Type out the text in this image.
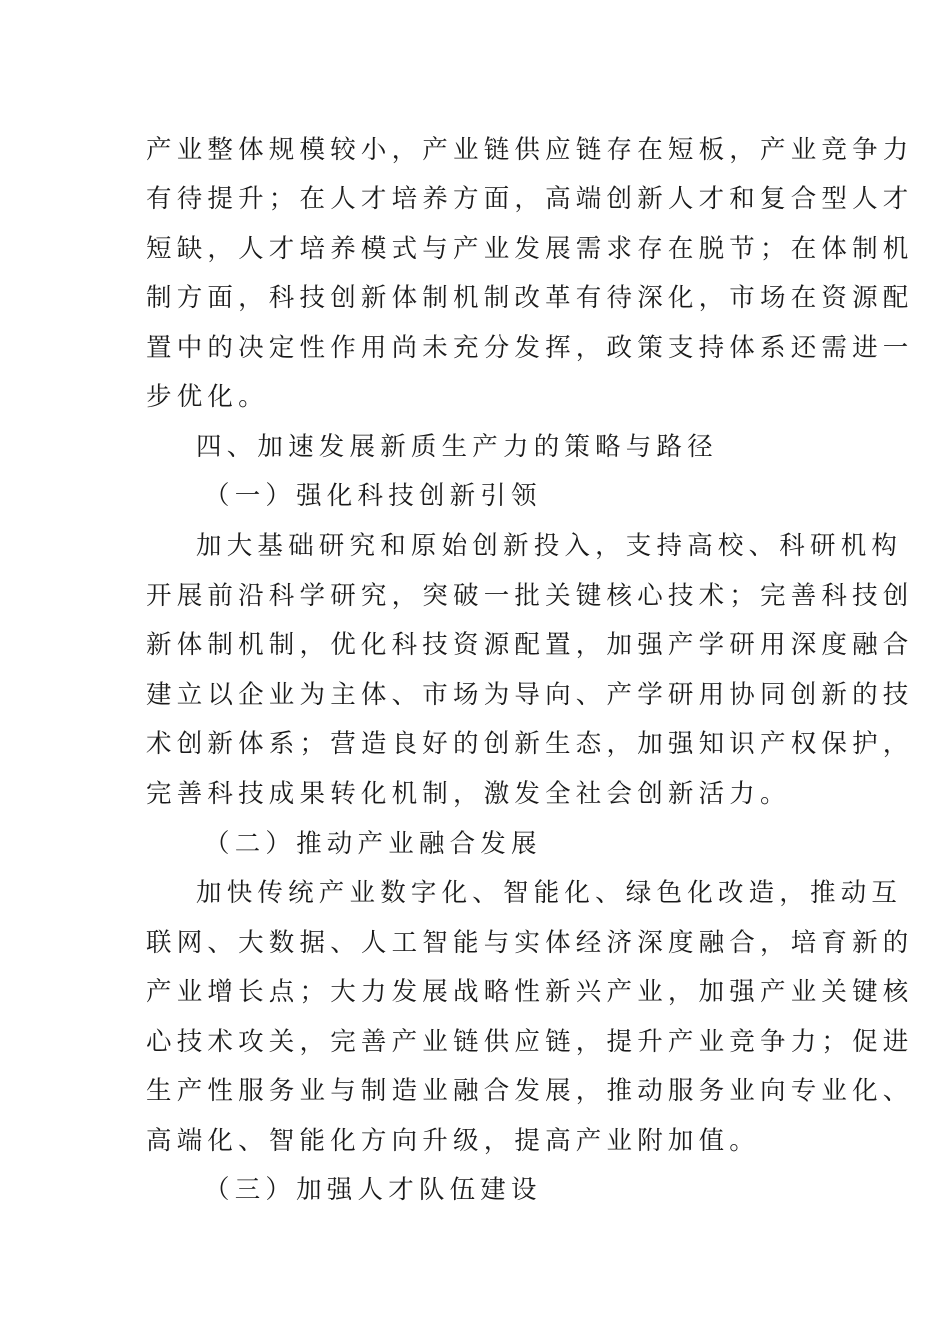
产业整体规模较小，产业链供应链存在短板，产业竞争力
有待提升；在人才培养方面，高端创新人才和复合型人才
短缺，人才培养模式与产业发展需求存在脱节；在体制机
制方面，科技创新体制机制改革有待深化，市场在资源配
置中的决定性作用尚未充分发挥，政策支持体系还需进一
步优化。
四、加速发展新质生产力的策略与路径
（一）强化科技创新引领
加大基础研究和原始创新投入，支持高校、科研机构
开展前沿科学研究，突破一批关键核心技术；完善科技创
新体制机制，优化科技资源配置，加强产学研用深度融合
建立以企业为主体、市场为导向、产学研用协同创新的技
术创新体系；营造良好的创新生态，加强知识产权保护，
完善科技成果转化机制，激发全社会创新活力。
（二）推动产业融合发展
加快传统产业数字化、智能化、绿色化改造，推动互
联网、大数据、人工智能与实体经济深度融合，培育新的
产业增长点；大力发展战略性新兴产业，加强产业关键核
心技术攻关，完善产业链供应链，提升产业竞争力；促进
生产性服务业与制造业融合发展，推动服务业向专业化、
高端化、智能化方向升级，提高产业附加值。
（三）加强人才队伍建设
